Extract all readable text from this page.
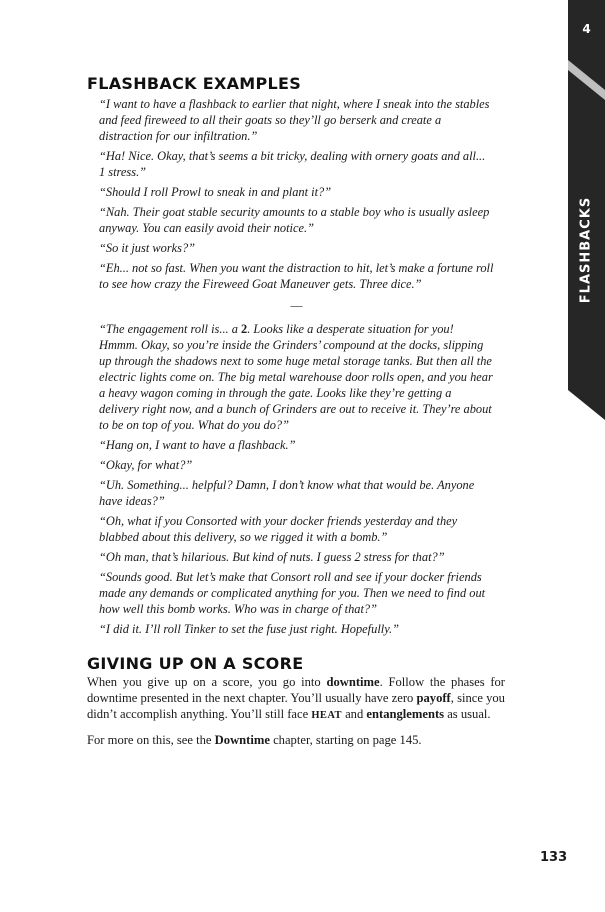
4
FLASHBACKS
FLASHBACK EXAMPLES

“I want to have a flashback to earlier that night, where I sneak into the stables and feed fireweed to all their goats so they’ll go berserk and create a distraction for our infiltration.”

“Ha! Nice. Okay, that’s seems a bit tricky, dealing with ornery goats and all... 1 stress.”

“Should I roll Prowl to sneak in and plant it?”

“Nah. Their goat stable security amounts to a stable boy who is usually asleep anyway. You can easily avoid their notice.”

“So it just works?”

“Eh... not so fast. When you want the distraction to hit, let’s make a fortune roll to see how crazy the Fireweed Goat Maneuver gets. Three dice.”

—

“The engagement roll is... a 2. Looks like a desperate situation for you! Hmmm. Okay, so you’re inside the Grinders’ compound at the docks, slipping up through the shadows next to some huge metal storage tanks. But then all the electric lights come on. The big metal warehouse door rolls open, and you hear a heavy wagon coming in through the gate. Looks like they’re getting a delivery right now, and a bunch of Grinders are out to receive it. They’re about to be on top of you. What do you do?”

“Hang on, I want to have a flashback.”

“Okay, for what?”

“Uh. Something... helpful? Damn, I don’t know what that would be. Anyone have ideas?”

“Oh, what if you Consorted with your docker friends yesterday and they blabbed about this delivery, so we rigged it with a bomb.”

“Oh man, that’s hilarious. But kind of nuts. I guess 2 stress for that?”

“Sounds good. But let’s make that Consort roll and see if your docker friends made any demands or complicated anything for you. Then we need to find out how well this bomb works. Who was in charge of that?”

“I did it. I’ll roll Tinker to set the fuse just right. Hopefully.”

GIVING UP ON A SCORE

When you give up on a score, you go into downtime. Follow the phases for downtime presented in the next chapter. You’ll usually have zero payoff, since you didn’t accomplish anything. You’ll still face HEAT and entanglements as usual.

For more on this, see the Downtime chapter, starting on page 145.

133
